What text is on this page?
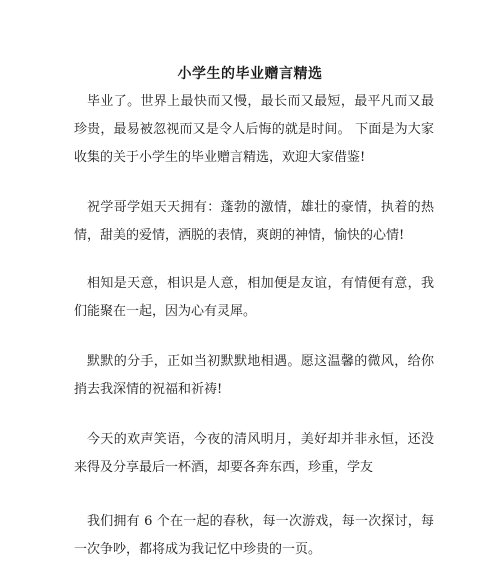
小学生的毕业赠言精选

毕业了。世界上最快而又慢，最长而又最短，最平凡而又最珍贵，最易被忽视而又是令人后悔的就是时间。 下面是为大家收集的关于小学生的毕业赠言精选，欢迎大家借鉴!

祝学哥学姐天天拥有：蓬勃的激情，雄壮的豪情，执着的热情，甜美的爱情，洒脱的表情，爽朗的神情，愉快的心情!

相知是天意，相识是人意，相加便是友谊，有情便有意，我们能聚在一起，因为心有灵犀。

默默的分手，正如当初默默地相遇。愿这温馨的微风，给你捎去我深情的祝福和祈祷!

今天的欢声笑语，今夜的清风明月，美好却并非永恒，还没来得及分享最后一杯酒，却要各奔东西，珍重，学友

我们拥有 6 个在一起的春秋，每一次游戏，每一次探讨，每一次争吵，都将成为我记忆中珍贵的一页。
